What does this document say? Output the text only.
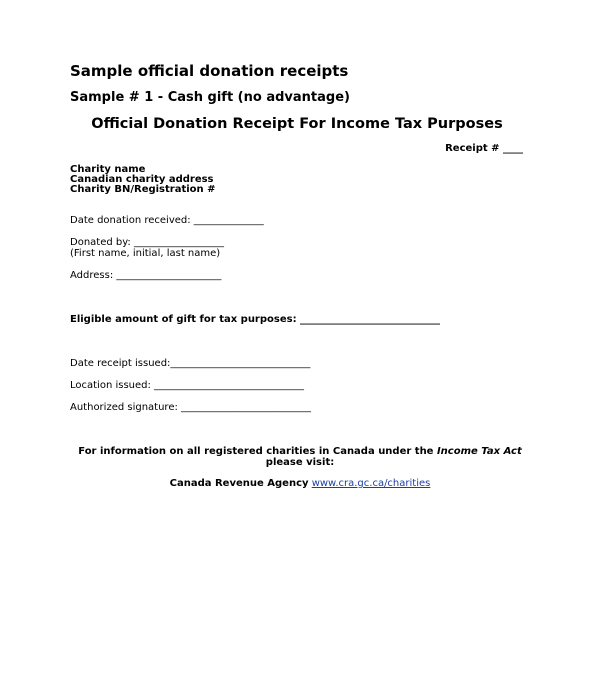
Sample official donation receipts
Sample # 1 - Cash gift (no advantage)
Official Donation Receipt For Income Tax Purposes
Receipt # ____
Charity name
Canadian charity address
Charity BN/Registration #
Date donation received: ______________
Donated by: __________________
(First name, initial, last name)
Address: _____________________
Eligible amount of gift for tax purposes: ____________________________
Date receipt issued:____________________________
Location issued: ______________________________
Authorized signature: __________________________
For information on all registered charities in Canada under the Income Tax Act please visit:
Canada Revenue Agency www.cra.gc.ca/charities
